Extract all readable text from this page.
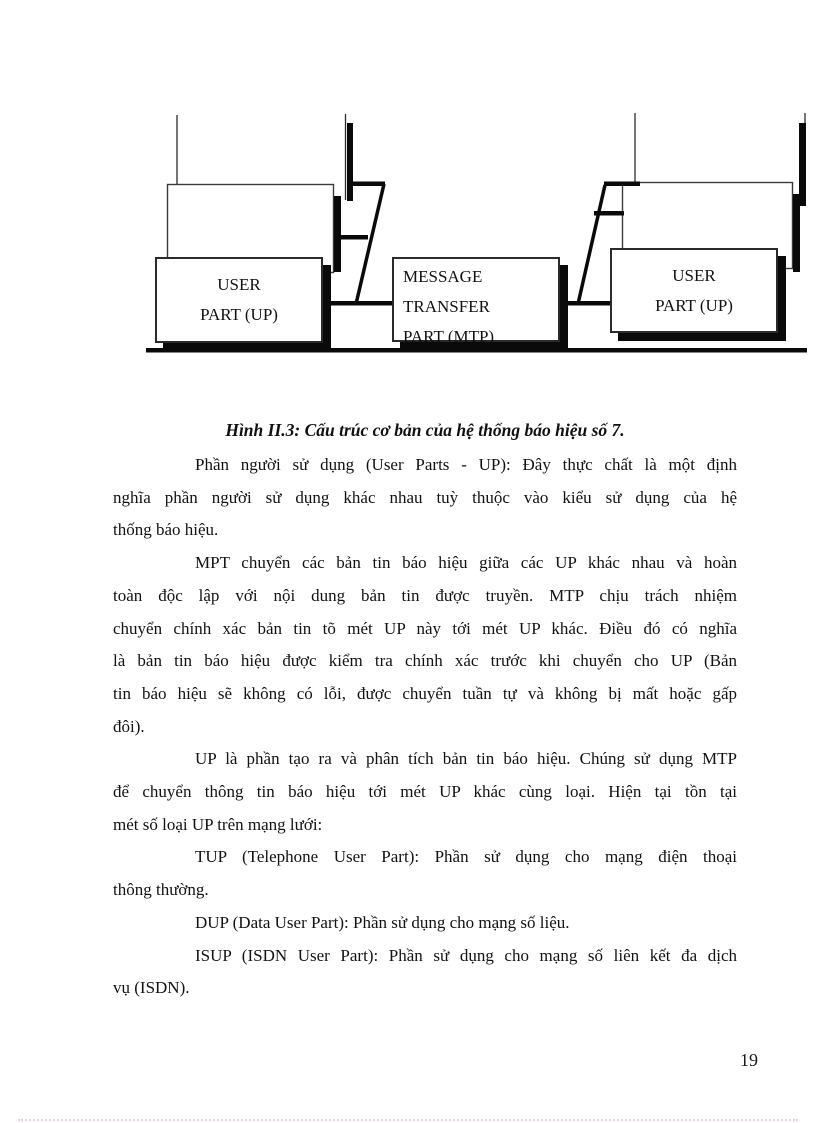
USER
PART (UP)
MESSAGE
TRANSFER
PART (MTP)
USER
PART (UP)
Hình II.3: Cấu trúc cơ bản của hệ thống báo hiệu số 7.
Phần người sử dụng (User Parts - UP): Đây thực chất là một định
nghĩa phần người sử dụng khác nhau tuỳ thuộc vào kiểu sử dụng của hệ
thống báo hiệu.
MPT chuyển các bản tin báo hiệu giữa các UP khác nhau và hoàn
toàn độc lập với nội dung bản tin được truyền. MTP chịu trách nhiệm
chuyển chính xác bản tin tõ mét UP này tới mét UP khác. Điều đó có nghĩa
là bản tin báo hiệu được kiểm tra chính xác trước khi chuyển cho UP (Bản
tin báo hiệu sẽ không có lỗi, được chuyển tuần tự và không bị mất hoặc gấp
đôi).
UP là phần tạo ra và phân tích bản tin báo hiệu. Chúng sử dụng MTP
để chuyển thông tin báo hiệu tới mét UP khác cùng loại. Hiện tại tồn tại
mét số loại UP trên mạng lưới:
TUP (Telephone User Part): Phần sử dụng cho mạng điện thoại
thông thường.
DUP (Data User Part): Phần sử dụng cho mạng số liệu.
ISUP (ISDN User Part): Phần sử dụng cho mạng số liên kết đa dịch
vụ (ISDN).
19
